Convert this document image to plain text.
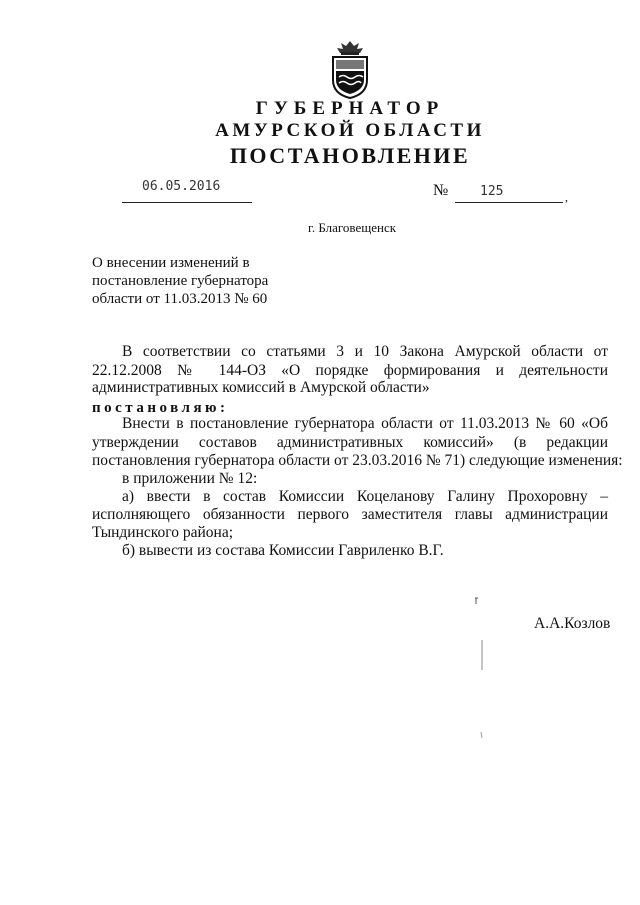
ГУБЕРНАТОР
АМУРСКОЙ ОБЛАСТИ
ПОСТАНОВЛЕНИЕ
06.05.2016	№ 125	,
г. Благовещенск
О внесении изменений в
постановление губернатора
области от 11.03.2013 № 60
В соответствии со статьями 3 и 10 Закона Амурской области от
22.12.2008 № 144-ОЗ «О порядке формирования и деятельности
административных комиссий в Амурской области»
постановляю:
Внести в постановление губернатора области от 11.03.2013 № 60 «Об
утверждении составов административных комиссий» (в редакции
постановления губернатора области от 23.03.2016 № 71) следующие изменения:
в приложении № 12:
а) ввести в состав Комиссии Коцеланову Галину Прохоровну –
исполняющего обязанности первого заместителя главы администрации
Тындинского района;
б) вывести из состава Комиссии Гавриленко В.Г.
А.А.Козлов
